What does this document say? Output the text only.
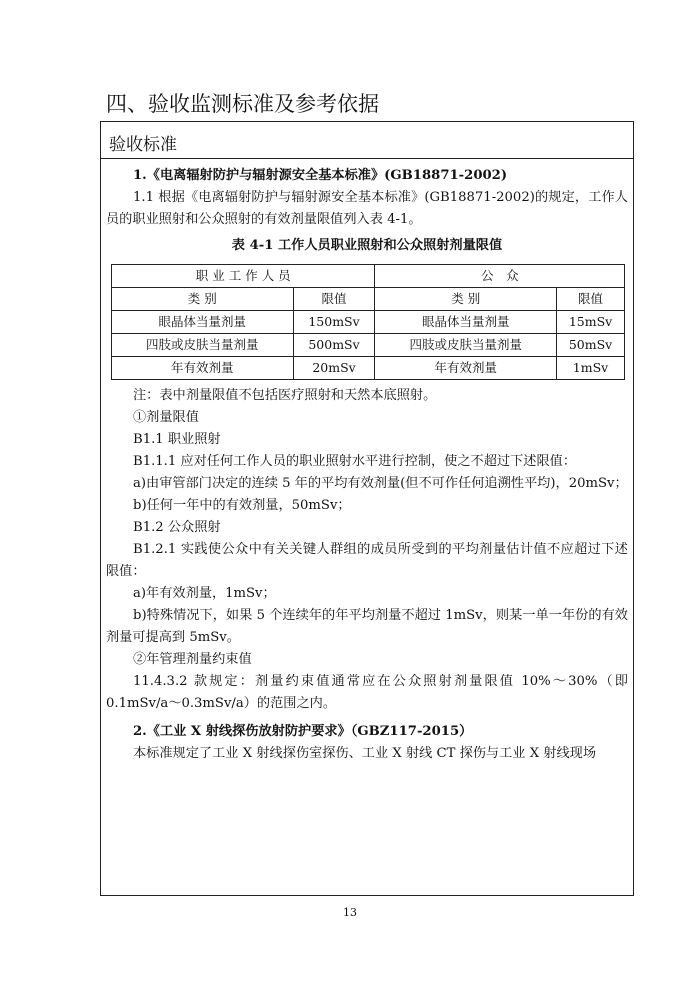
四、验收监测标准及参考依据
验收标准
1.《电离辐射防护与辐射源安全基本标准》(GB18871-2002)

1.1 根据《电离辐射防护与辐射源安全基本标准》(GB18871-2002)的规定，工作人员的职业照射和公众照射的有效剂量限值列入表 4-1。

表 4-1 工作人员职业照射和公众照射剂量限值
职 业 工 作 人 员		公　众	
类 别	限值	类 别	限值
眼晶体当量剂量	150mSv	眼晶体当量剂量	15mSv
四肢或皮肤当量剂量	500mSv	四肢或皮肤当量剂量	50mSv
年有效剂量	20mSv	年有效剂量	1mSv

注：表中剂量限值不包括医疗照射和天然本底照射。

①剂量限值

B1.1 职业照射

B1.1.1 应对任何工作人员的职业照射水平进行控制，使之不超过下述限值：

a)由审管部门决定的连续 5 年的平均有效剂量(但不可作任何追溯性平均)，20mSv；

b)任何一年中的有效剂量，50mSv；

B1.2 公众照射

B1.2.1 实践使公众中有关关键人群组的成员所受到的平均剂量估计值不应超过下述限值：

a)年有效剂量，1mSv；

b)特殊情况下，如果 5 个连续年的年平均剂量不超过 1mSv，则某一单一年份的有效剂量可提高到 5mSv。

②年管理剂量约束值

11.4.3.2 款规定：剂量约束值通常应在公众照射剂量限值 10%～30%（即 0.1mSv/a～0.3mSv/a）的范围之内。

2.《工业 X 射线探伤放射防护要求》（GBZ117-2015）

本标准规定了工业 X 射线探伤室探伤、工业 X 射线 CT 探伤与工业 X 射线现场

13
